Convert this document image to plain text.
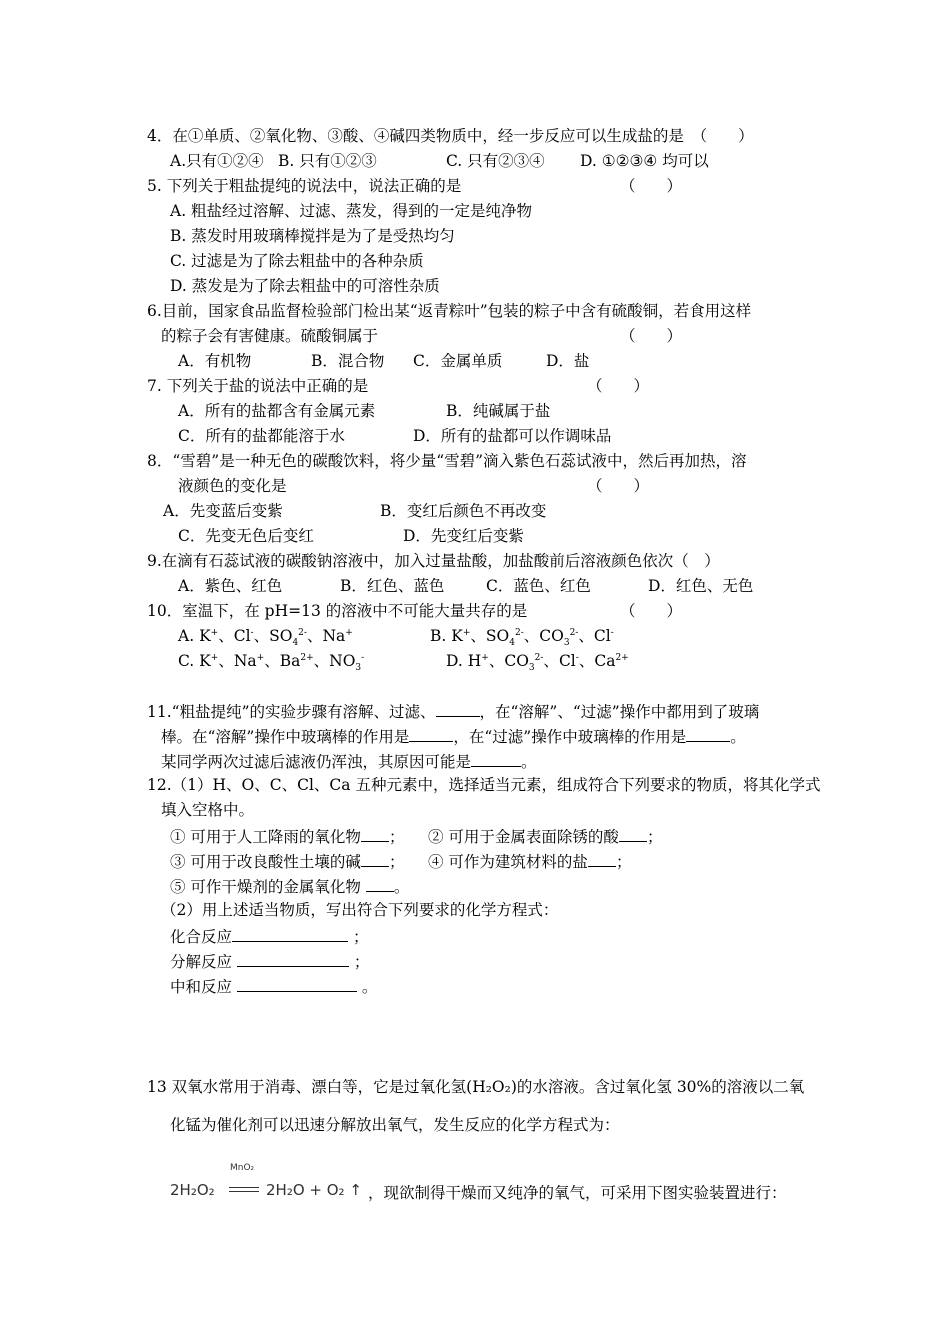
4．在①单质、②氧化物、③酸、④碱四类物质中，经一步反应可以生成盐的是　（　　）
A.只有①②④ B. 只有①②③	C. 只有②③④ D. ①②③④ 均可以
5. 下列关于粗盐提纯的说法中，说法正确的是	（　　）
A. 粗盐经过溶解、过滤、蒸发，得到的一定是纯净物
B. 蒸发时用玻璃棒搅拌是为了是受热均匀
C. 过滤是为了除去粗盐中的各种杂质
D. 蒸发是为了除去粗盐中的可溶性杂质
6.目前，国家食品监督检验部门检出某“返青粽叶”包装的粽子中含有硫酸铜，若食用这样
的粽子会有害健康。硫酸铜属于	（　　）
A．有机物	B．混合物 C．金属单质	D．盐
7. 下列关于盐的说法中正确的是	（　　）
A．所有的盐都含有金属元素	B．纯碱属于盐
C．所有的盐都能溶于水	D．所有的盐都可以作调味品
8．“雪碧”是一种无色的碳酸饮料，将少量“雪碧”滴入紫色石蕊试液中，然后再加热，溶
液颜色的变化是	（　　）
A．先变蓝后变紫	B．变红后颜色不再改变
C．先变无色后变红	D．先变红后变紫
9.在滴有石蕊试液的碳酸钠溶液中，加入过量盐酸，加盐酸前后溶液颜色依次（　）
A．紫色、红色	B．红色、蓝色	C．蓝色、红色	D．红色、无色
10．室温下，在 pH=13 的溶液中不可能大量共存的是	（　　）
A. K+、Cl-、$SO_4^{2-}$、Na+	B. K+、$SO_4^{2-}$、$CO_3^{2-}$、Cl-
C. K+、Na+、$Ba^{2+}$、$NO_3^-$	D. H+、$CO_3^{2-}$、Cl-、$Ca^{2+}$
11.“粗盐提纯”的实验步骤有溶解、过滤、	，在“溶解”、“过滤”操作中都用到了玻璃
棒。在“溶解”操作中玻璃棒的作用是	，在“过滤”操作中玻璃棒的作用是	。
某同学两次过滤后滤液仍浑浊，其原因可能是	。
12.（1）H、O、C、Cl、Ca 五种元素中，选择适当元素，组成符合下列要求的物质，将其化学式
填入空格中。
① 可用于人工降雨的氧化物 ； ② 可用于金属表面除锈的酸 ；
③ 可用于改良酸性土壤的碱 ； ④ 可作为建筑材料的盐 ；
⑤ 可作干燥剂的金属氧化物 。
（2）用上述适当物质，写出符合下列要求的化学方程式：
化合反应	；
分解反应	；
中和反应	。
13 双氧水常用于消毒、漂白等，它是过氧化氢(H₂O₂)的水溶液。含过氧化氢 30%的溶液以二氧
化锰为催化剂可以迅速分解放出氧气，发生反应的化学方程式为：
MnO₂
2H₂O₂	2H₂O + O₂ ↑ ，现欲制得干燥而又纯净的氧气，可采用下图实验装置进行：
